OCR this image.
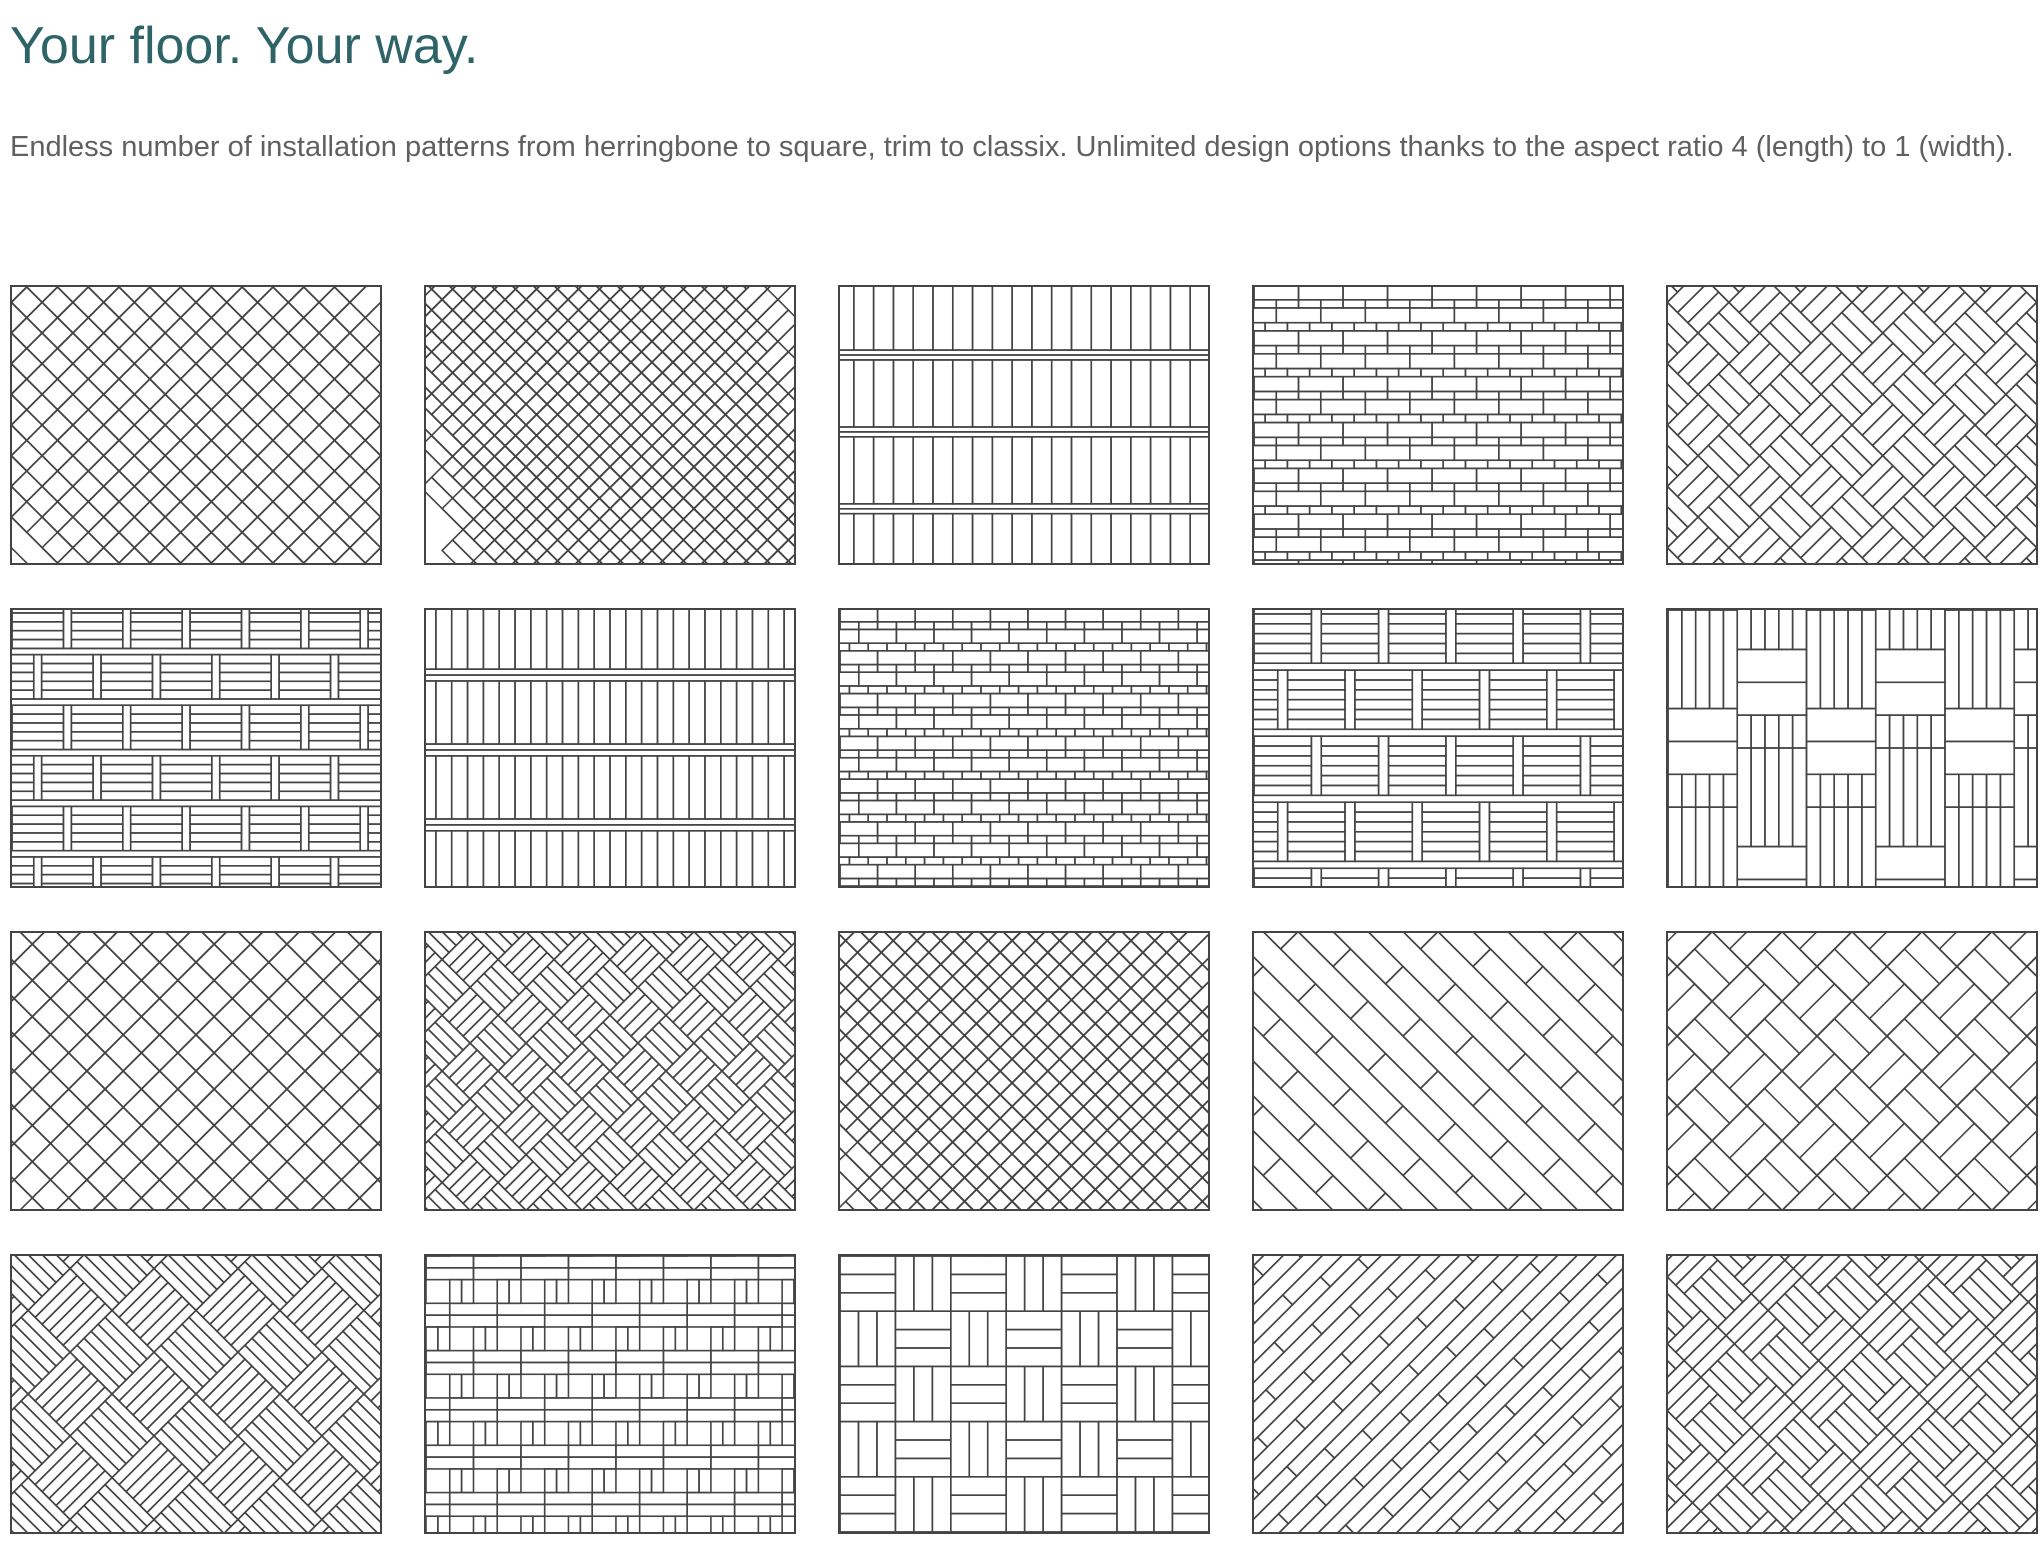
Your floor. Your way.

Endless number of installation patterns from herringbone to square, trim to classix. Unlimited design options thanks to the aspect ratio 4 (length) to 1 (width).
